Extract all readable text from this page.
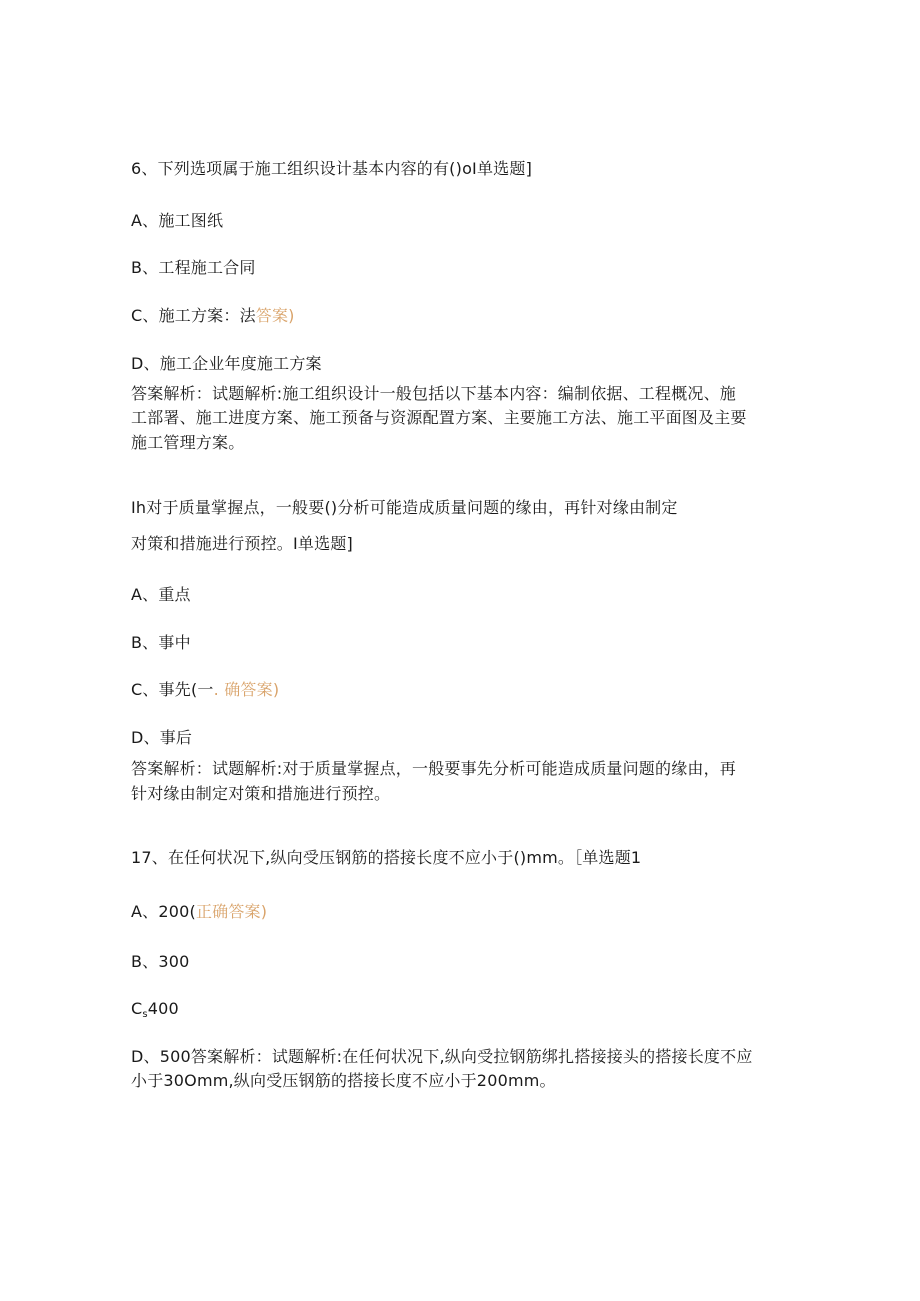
6、下列选项属于施工组织设计基本内容的有()oI单选题]
A、施工图纸
B、工程施工合同
C、施工方案：法答案)
D、施工企业年度施工方案
答案解析：试题解析:施工组织设计一般包括以下基本内容：编制依据、工程概况、施
工部署、施工进度方案、施工预备与资源配置方案、主要施工方法、施工平面图及主要
施工管理方案。
Ih对于质量掌握点，一般要()分析可能造成质量问题的缘由，再针对缘由制定
对策和措施进行预控。I单选题]
A、重点
B、事中
C、事先(一. 确答案)
D、事后
答案解析：试题解析:对于质量掌握点，一般要事先分析可能造成质量问题的缘由，再
针对缘由制定对策和措施进行预控。
17、在任何状况下,纵向受压钢筋的搭接长度不应小于()mm。［单选题1
A、200(正确答案)
B、300
$C_s400$
D、500答案解析：试题解析:在任何状况下,纵向受拉钢筋绑扎搭接接头的搭接长度不应
小于30Omm,纵向受压钢筋的搭接长度不应小于200mm。
